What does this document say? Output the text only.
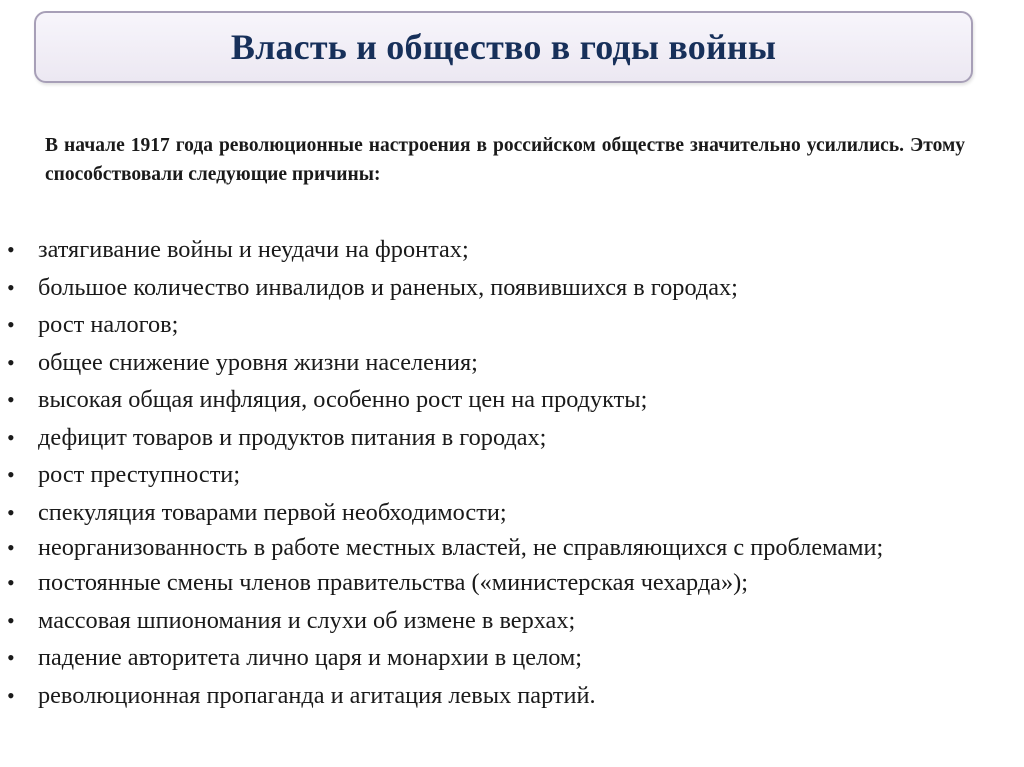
Власть и общество в годы войны
В начале 1917 года революционные настроения в российском обществе значительно усилились. Этому способствовали следующие причины:
• затягивание войны и неудачи на фронтах;
• большое количество инвалидов и раненых, появившихся в городах;
• рост налогов;
• общее снижение уровня жизни населения;
• высокая общая инфляция, особенно рост цен на продукты;
• дефицит товаров и продуктов питания в городах;
• рост преступности;
• спекуляция товарами первой необходимости;
• неорганизованность в работе местных властей, не справляющихся с проблемами;
• постоянные смены членов правительства («министерская чехарда»);
• массовая шпиономания и слухи об измене в верхах;
• падение авторитета лично царя и монархии в целом;
• революционная пропаганда и агитация левых партий.
